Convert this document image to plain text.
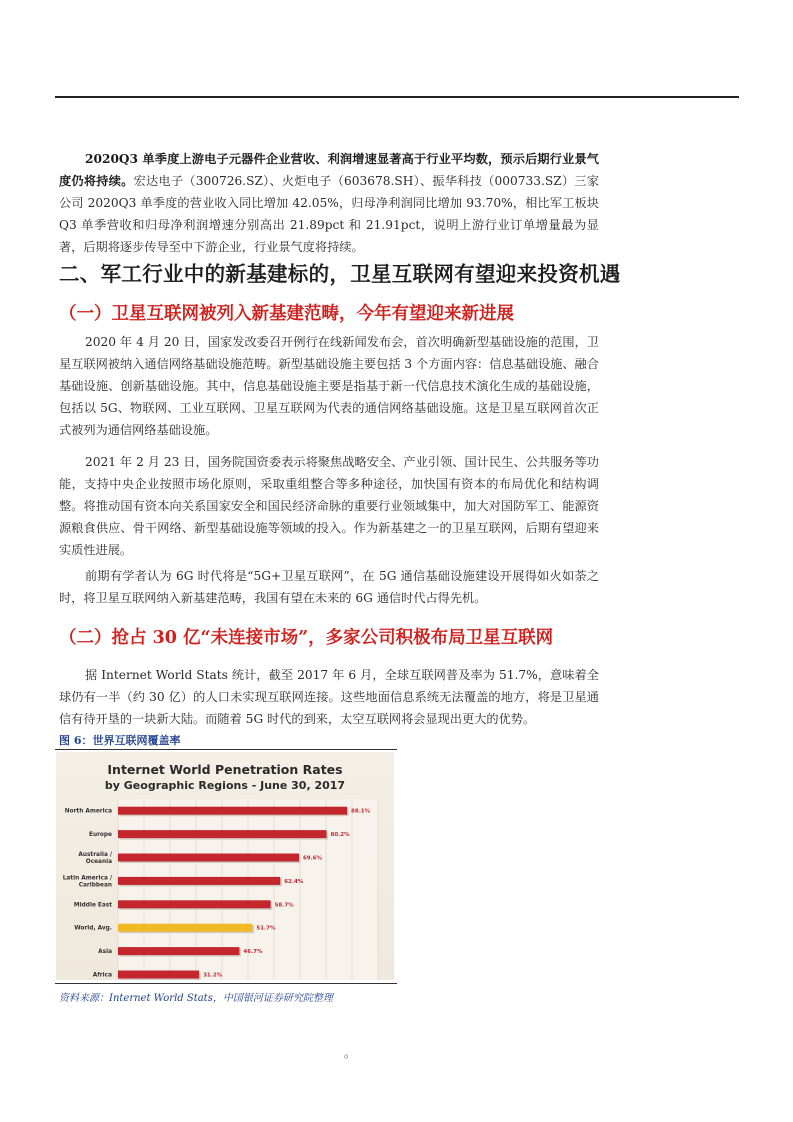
2020Q3 单季度上游电子元器件企业营收、利润增速显著高于行业平均数，预示后期行业景气度仍将持续。宏达电子（300726.SZ）、火炬电子（603678.SH）、振华科技（000733.SZ）三家公司 2020Q3 单季度的营业收入同比增加 42.05%，归母净利润同比增加 93.70%，相比军工板块 Q3 单季营收和归母净利润增速分别高出 21.89pct 和 21.91pct，说明上游行业订单增量最为显著，后期将逐步传导至中下游企业，行业景气度将持续。

二、军工行业中的新基建标的，卫星互联网有望迎来投资机遇
（一）卫星互联网被列入新基建范畴，今年有望迎来新进展

2020 年 4 月 20 日，国家发改委召开例行在线新闻发布会，首次明确新型基础设施的范围，卫星互联网被纳入通信网络基础设施范畴。新型基础设施主要包括 3 个方面内容：信息基础设施、融合基础设施、创新基础设施。其中，信息基础设施主要是指基于新一代信息技术演化生成的基础设施，包括以 5G、物联网、工业互联网、卫星互联网为代表的通信网络基础设施。这是卫星互联网首次正式被列为通信网络基础设施。

2021 年 2 月 23 日，国务院国资委表示将聚焦战略安全、产业引领、国计民生、公共服务等功能，支持中央企业按照市场化原则，采取重组整合等多种途径，加快国有资本的布局优化和结构调整。将推动国有资本向关系国家安全和国民经济命脉的重要行业领域集中，加大对国防军工、能源资源粮食供应、骨干网络、新型基础设施等领域的投入。作为新基建之一的卫星互联网，后期有望迎来实质性进展。

前期有学者认为 6G 时代将是“5G+卫星互联网”，在 5G 通信基础设施建设开展得如火如荼之时，将卫星互联网纳入新基建范畴，我国有望在未来的 6G 通信时代占得先机。

（二）抢占 30 亿“未连接市场”，多家公司积极布局卫星互联网

据 Internet World Stats 统计，截至 2017 年 6 月，全球互联网普及率为 51.7%，意味着全球仍有一半（约 30 亿）的人口未实现互联网连接。这些地面信息系统无法覆盖的地方，将是卫星通信有待开垦的一块新大陆。而随着 5G 时代的到来，太空互联网将会显现出更大的优势。

图 6：世界互联网覆盖率

Internet World Penetration Rates
by Geographic Regions - June 30, 2017
88.1%
North America
80.2%
Europe
69.6%
Australia / Oceania
62.4%
Latin America / Caribbean
58.7%
Middle East
51.7%
World, Avg.
46.7%
Asia
31.2%
Africa

资料来源：Internet World Stats，中国银河证券研究院整理

。
